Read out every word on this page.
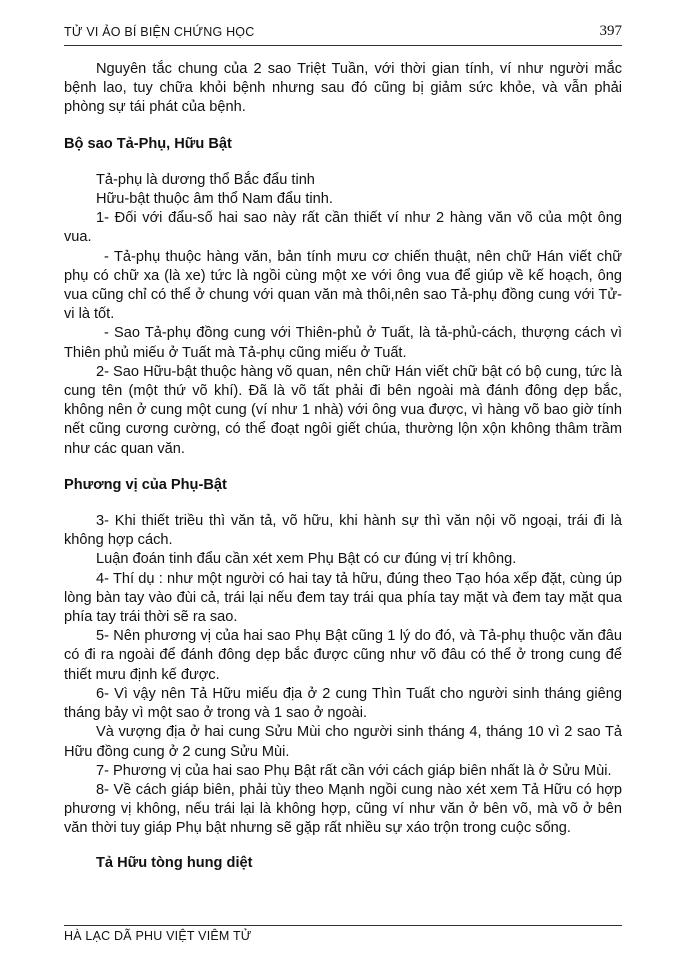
TỬ VI ẢO BÍ BIỆN CHỨNG HỌC	397

Nguyên tắc chung của 2 sao Triệt Tuần, với thời gian tính, ví như người mắc bệnh lao, tuy chữa khỏi bệnh nhưng sau đó cũng bị giảm sức khỏe, và vẫn phải phòng sự tái phát của bệnh.

Bộ sao Tả-Phụ, Hữu Bật

Tả-phụ là dương thổ Bắc đẩu tinh

Hữu-bật thuộc âm thổ Nam đẩu tinh.

1- Đối với đẩu-số hai sao này rất cần thiết ví như 2 hàng văn võ của một ông vua.

- Tả-phụ thuộc hàng văn, bản tính mưu cơ chiến thuật, nên chữ Hán viết chữ phụ có chữ xa (là xe) tức là ngồi cùng một xe với ông vua để giúp về kế hoạch, ông vua cũng chỉ có thể ở chung với quan văn mà thôi,nên sao Tả-phụ đồng cung với Tử-vi là tốt.

- Sao Tả-phụ đồng cung với Thiên-phủ ở Tuất, là tả-phủ-cách, thượng cách vì Thiên phủ miếu ở Tuất mà Tả-phụ cũng miếu ở Tuất.

2- Sao Hữu-bật thuộc hàng võ quan, nên chữ Hán viết chữ bật có bộ cung, tức là cung tên (một thứ võ khí). Đã là võ tất phải đi bên ngoài mà đánh đông dẹp bắc, không nên ở cung một cung (ví như 1 nhà) với ông vua được, vì hàng võ bao giờ tính nết cũng cương cường, có thể đoạt ngôi giết chúa, thường lộn xộn không thâm trầm như các quan văn.

Phương vị của Phụ-Bật

3- Khi thiết triều thì văn tả, võ hữu, khi hành sự thì văn nội võ ngoại, trái đi là không hợp cách.

Luận đoán tinh đẩu cần xét xem Phụ Bật có cư đúng vị trí không.

4- Thí dụ : như một người có hai tay tả hữu, đúng theo Tạo hóa xếp đặt, cùng úp lòng bàn tay vào đùi cả, trái lại nếu đem tay trái qua phía tay mặt và đem tay mặt qua phía tay trái thời sẽ ra sao.

5- Nên phương vị của hai sao Phụ Bật cũng 1 lý do đó, và Tả-phụ thuộc văn đâu có đi ra ngoài để đánh đông dẹp bắc được cũng như võ đâu có thể ở trong cung để thiết mưu định kế được.

6- Vì vậy nên Tả Hữu miếu địa ở 2 cung Thìn Tuất cho người sinh tháng giêng tháng bảy vì một sao ở trong và 1 sao ở ngoài.

Và vượng địa ở hai cung Sửu Mùi cho người sinh tháng 4, tháng 10 vì 2 sao Tả Hữu đồng cung ở 2 cung Sửu Mùi.

7- Phương vị của hai sao Phụ Bật rất cần với cách giáp biên nhất là ở Sửu Mùi.

8- Về cách giáp biên, phải tùy theo Mạnh ngồi cung nào xét xem Tả Hữu có hợp phương vị không, nếu trái lại là không hợp, cũng ví như văn ở bên võ, mà võ ở bên văn thời tuy giáp Phụ bật nhưng sẽ gặp rất nhiều sự xáo trộn trong cuộc sống.

Tả Hữu tòng hung diệt

HÀ LẠC DÃ PHU VIỆT VIÊM TỬ
